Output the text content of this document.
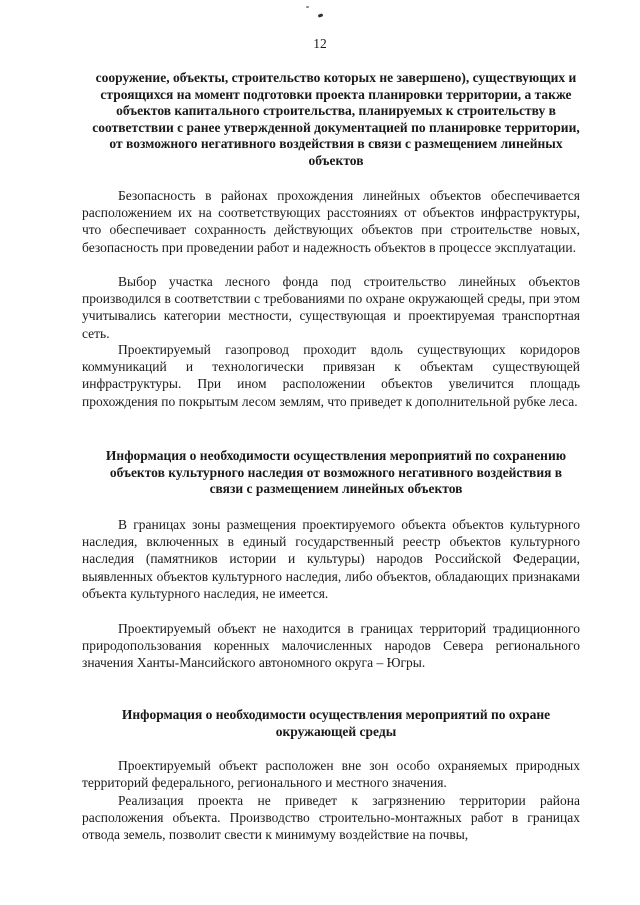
12
сооружение, объекты, строительство которых не завершено), существующих и строящихся на момент подготовки проекта планировки территории, а также объектов капитального строительства, планируемых к строительству в соответствии с ранее утвержденной документацией по планировке территории, от возможного негативного воздействия в связи с размещением линейных объектов

Безопасность в районах прохождения линейных объектов обеспечивается расположением их на соответствующих расстояниях от объектов инфраструктуры, что обеспечивает сохранность действующих объектов при строительстве новых, безопасность при проведении работ и надежность объектов в процессе эксплуатации.

Выбор участка лесного фонда под строительство линейных объектов производился в соответствии с требованиями по охране окружающей среды, при этом учитывались категории местности, существующая и проектируемая транспортная сеть.

Проектируемый газопровод проходит вдоль существующих коридоров коммуникаций и технологически привязан к объектам существующей инфраструктуры. При ином расположении объектов увеличится площадь прохождения по покрытым лесом землям, что приведет к дополнительной рубке леса.

Информация о необходимости осуществления мероприятий по сохранению объектов культурного наследия от возможного негативного воздействия в связи с размещением линейных объектов

В границах зоны размещения проектируемого объекта объектов культурного наследия, включенных в единый государственный реестр объектов культурного наследия (памятников истории и культуры) народов Российской Федерации, выявленных объектов культурного наследия, либо объектов, обладающих признаками объекта культурного наследия, не имеется.

Проектируемый объект не находится в границах территорий традиционного природопользования коренных малочисленных народов Севера регионального значения Ханты-Мансийского автономного округа – Югры.

Информация о необходимости осуществления мероприятий по охране окружающей среды

Проектируемый объект расположен вне зон особо охраняемых природных территорий федерального, регионального и местного значения.

Реализация проекта не приведет к загрязнению территории района расположения объекта. Производство строительно-монтажных работ в границах отвода земель, позволит свести к минимуму воздействие на почвы,
